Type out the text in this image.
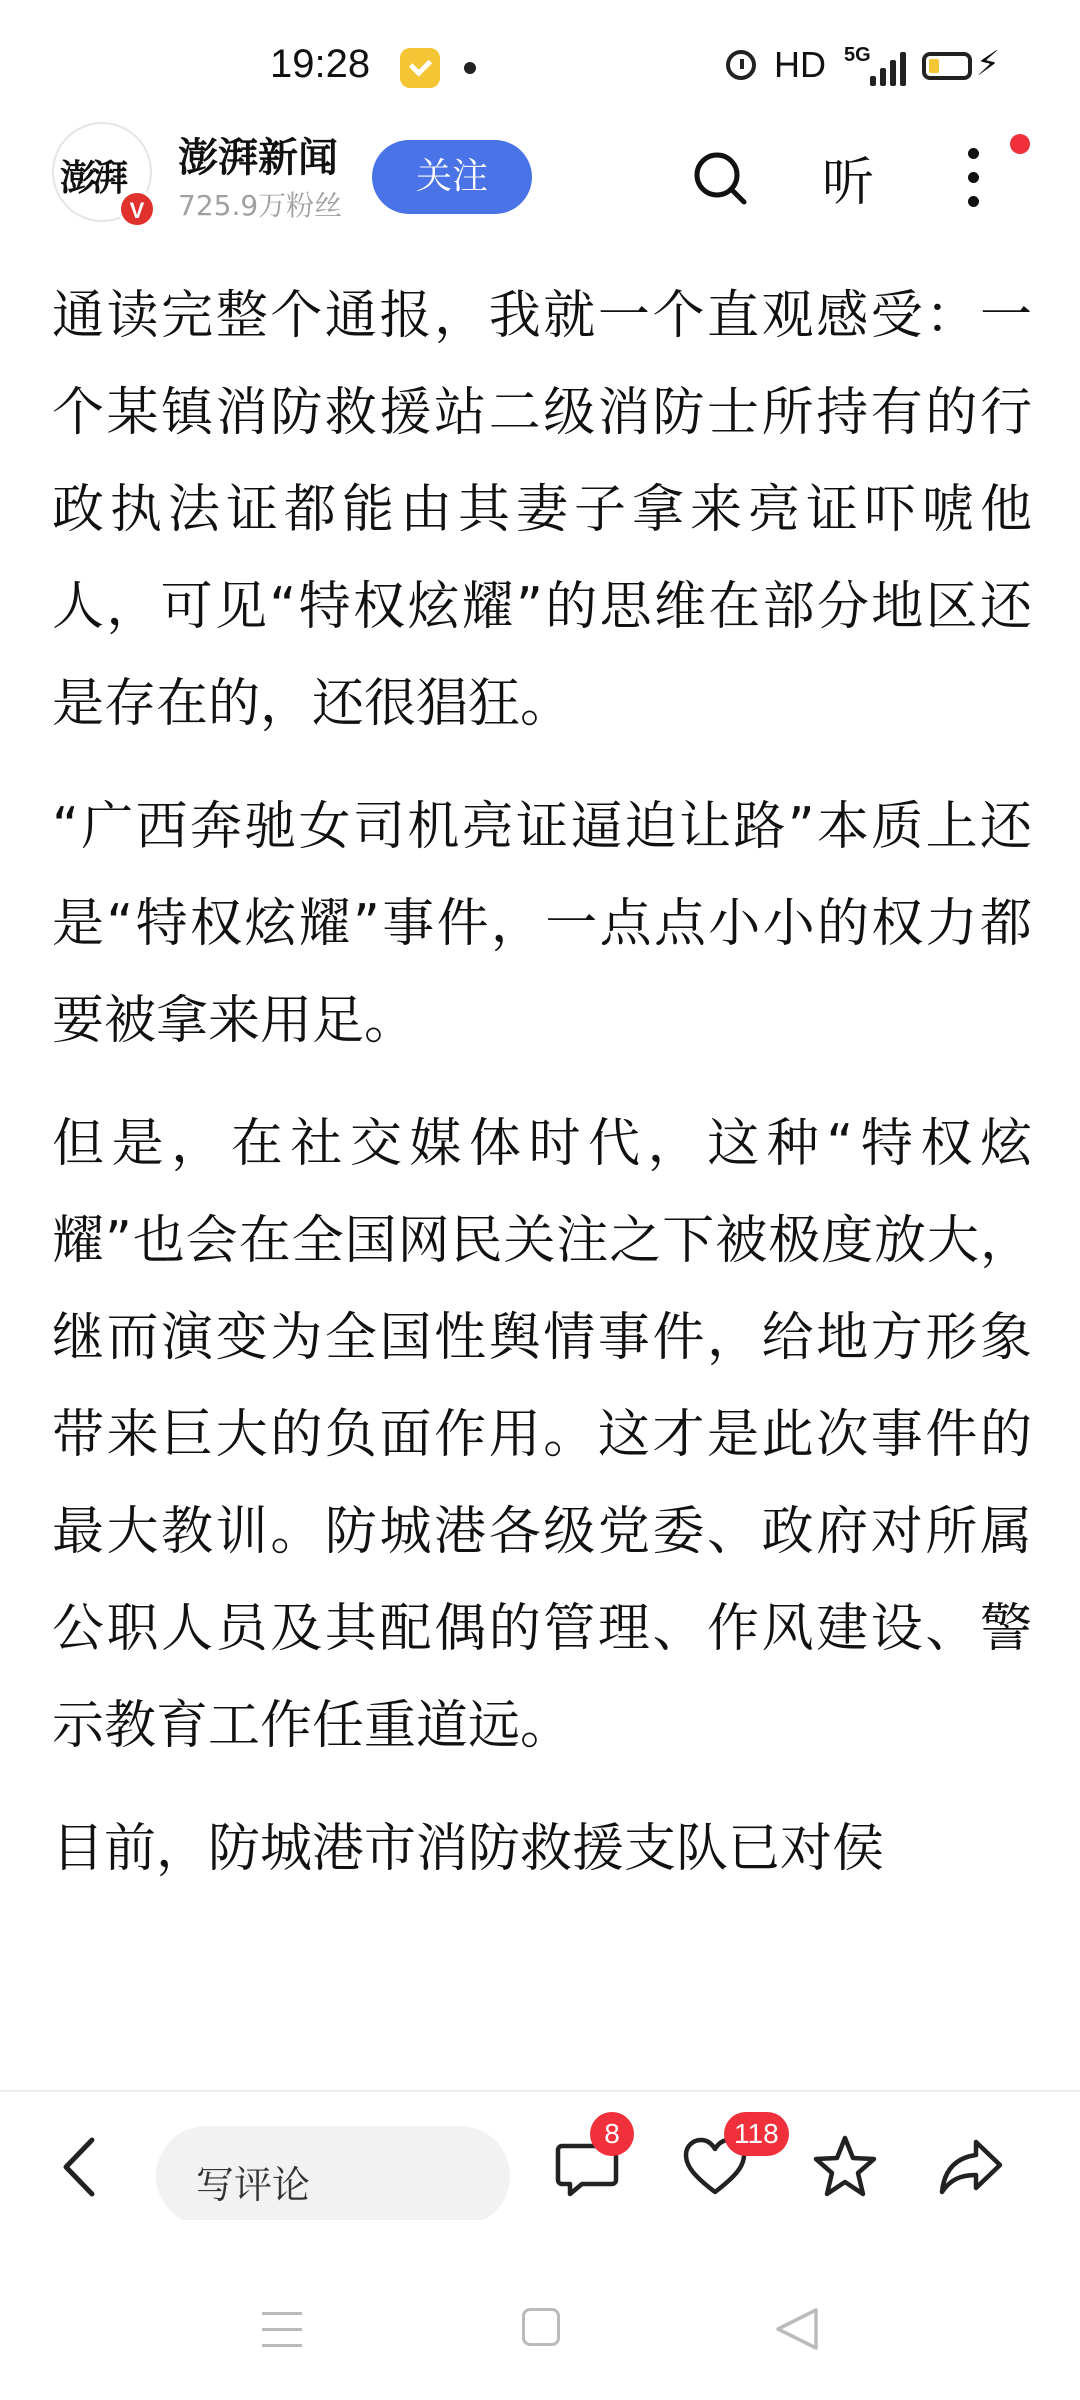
19:28	HD 5G	⚡
澎湃
V
澎湃新闻
725.9万粉丝
关注	听

通读完整个通报，我就一个直观感受：一个某镇消防救援站二级消防士所持有的行政执法证都能由其妻子拿来亮证吓唬他人，可见“特权炫耀”的思维在部分地区还是存在的，还很猖狂。

“广西奔驰女司机亮证逼迫让路”本质上还是“特权炫耀”事件，一点点小小的权力都要被拿来用足。

但是，在社交媒体时代，这种“特权炫耀”也会在全国网民关注之下被极度放大，继而演变为全国性舆情事件，给地方形象带来巨大的负面作用。这才是此次事件的最大教训。防城港各级党委、政府对所属公职人员及其配偶的管理、作风建设、警示教育工作任重道远。

目前，防城港市消防救援支队已对侯

写评论
8	118
